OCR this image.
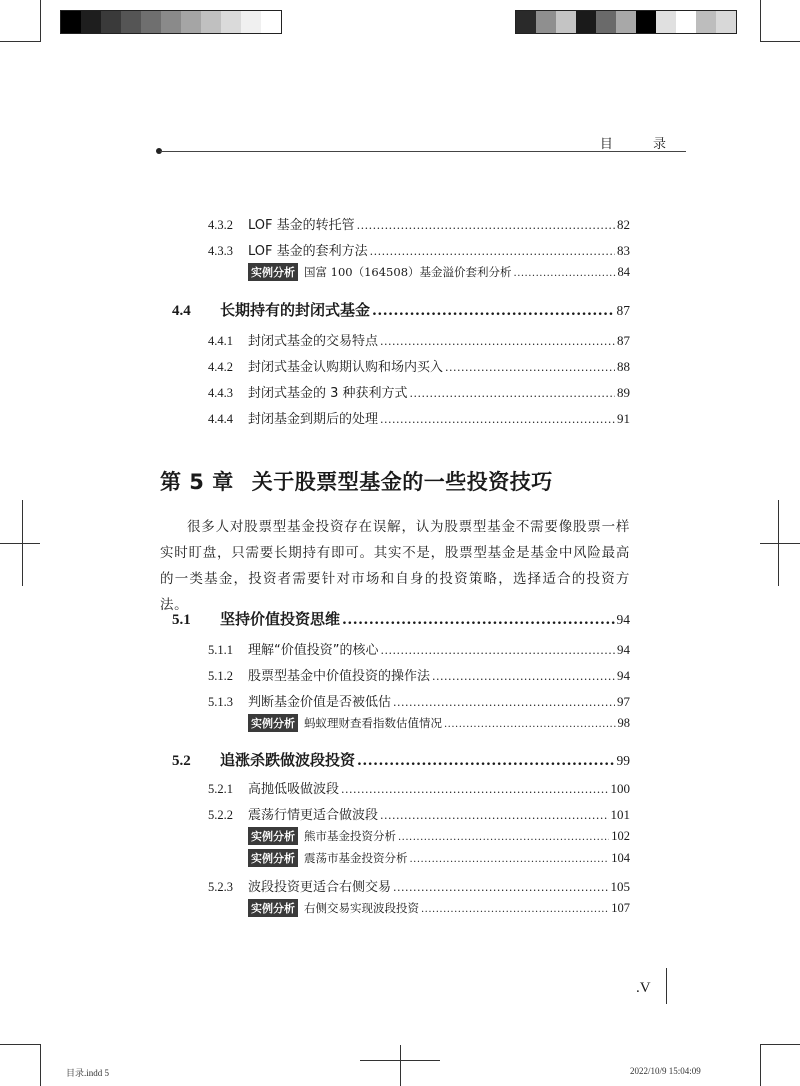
目 录
4.3.2	LOF 基金的转托管 .....	82
4.3.3	LOF 基金的套利方法 .....	83
实例分析 国富 100（164508）基金溢价套利分析 .....	84
4.4	长期持有的封闭式基金 .....	87
4.4.1	封闭式基金的交易特点 .....	87
4.4.2	封闭式基金认购期认购和场内买入 .....	88
4.4.3	封闭式基金的 3 种获利方式 .....	89
4.4.4	封闭基金到期后的处理 .....	91
第 5 章 关于股票型基金的一些投资技巧
很多人对股票型基金投资存在误解，认为股票型基金不需要像股票一样实时盯盘，只需要长期持有即可。其实不是，股票型基金是基金中风险最高的一类基金，投资者需要针对市场和自身的投资策略，选择适合的投资方法。
5.1	坚持价值投资思维 .....	94
5.1.1	理解“价值投资”的核心 .....	94
5.1.2	股票型基金中价值投资的操作法 .....	94
5.1.3	判断基金价值是否被低估 .....	97
实例分析 蚂蚁理财查看指数估值情况 .....	98
5.2	追涨杀跌做波段投资 .....	99
5.2.1	高抛低吸做波段 .....	100
5.2.2	震荡行情更适合做波段 .....	101
实例分析 熊市基金投资分析 .....	102
实例分析 震荡市基金投资分析 .....	104
5.2.3	波段投资更适合右侧交易 .....	105
实例分析 右侧交易实现波段投资 .....	107
.V
目录.indd 5	2022/10/9 15:04:09
